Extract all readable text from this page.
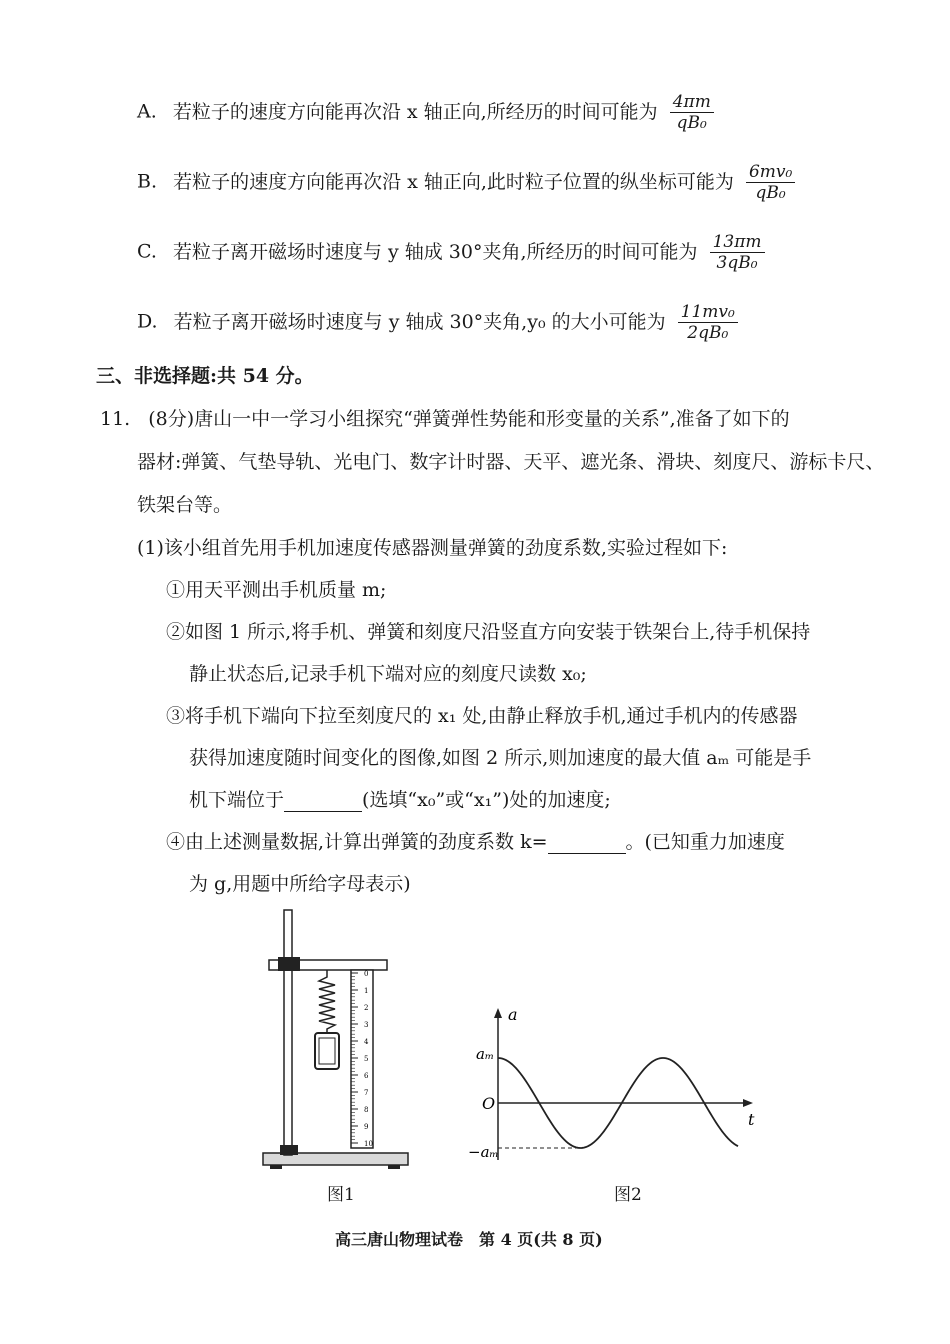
A. 若粒子的速度方向能再次沿 x 轴正向,所经历的时间可能为 $\frac{4\pi m}{\text{qB₀}}$
B. 若粒子的速度方向能再次沿 x 轴正向,此时粒子位置的纵坐标可能为 $\frac{\text{6mv₀}}{\text{qB₀}}$
C. 若粒子离开磁场时速度与 y 轴成 30°夹角,所经历的时间可能为 $\frac{13\pi m}{\text{3qB₀}}$
D. 若粒子离开磁场时速度与 y 轴成 30°夹角,y₀ 的大小可能为 $\frac{\text{11mv₀}}{\text{2qB₀}}$
三、非选择题:共 54 分。
11. (8分)唐山一中一学习小组探究“弹簧弹性势能和形变量的关系”,准备了如下的
器材:弹簧、气垫导轨、光电门、数字计时器、天平、遮光条、滑块、刻度尺、游标卡尺、
铁架台等。
(1)该小组首先用手机加速度传感器测量弹簧的劲度系数,实验过程如下:
①用天平测出手机质量 m;
②如图 1 所示,将手机、弹簧和刻度尺沿竖直方向安装于铁架台上,待手机保持
静止状态后,记录手机下端对应的刻度尺读数 x₀;
③将手机下端向下拉至刻度尺的 x₁ 处,由静止释放手机,通过手机内的传感器
获得加速度随时间变化的图像,如图 2 所示,则加速度的最大值 aₘ 可能是手
机下端位于	(选填“x₀”或“x₁”)处的加速度;
④由上述测量数据,计算出弹簧的劲度系数 k=	。(已知重力加速度
为 g,用题中所给字母表示)
0
1
2
3
4
5
6
7
8
9
10
图1
a
t
O
aₘ
−aₘ
图2
高三唐山物理试卷　第 4 页(共 8 页)
